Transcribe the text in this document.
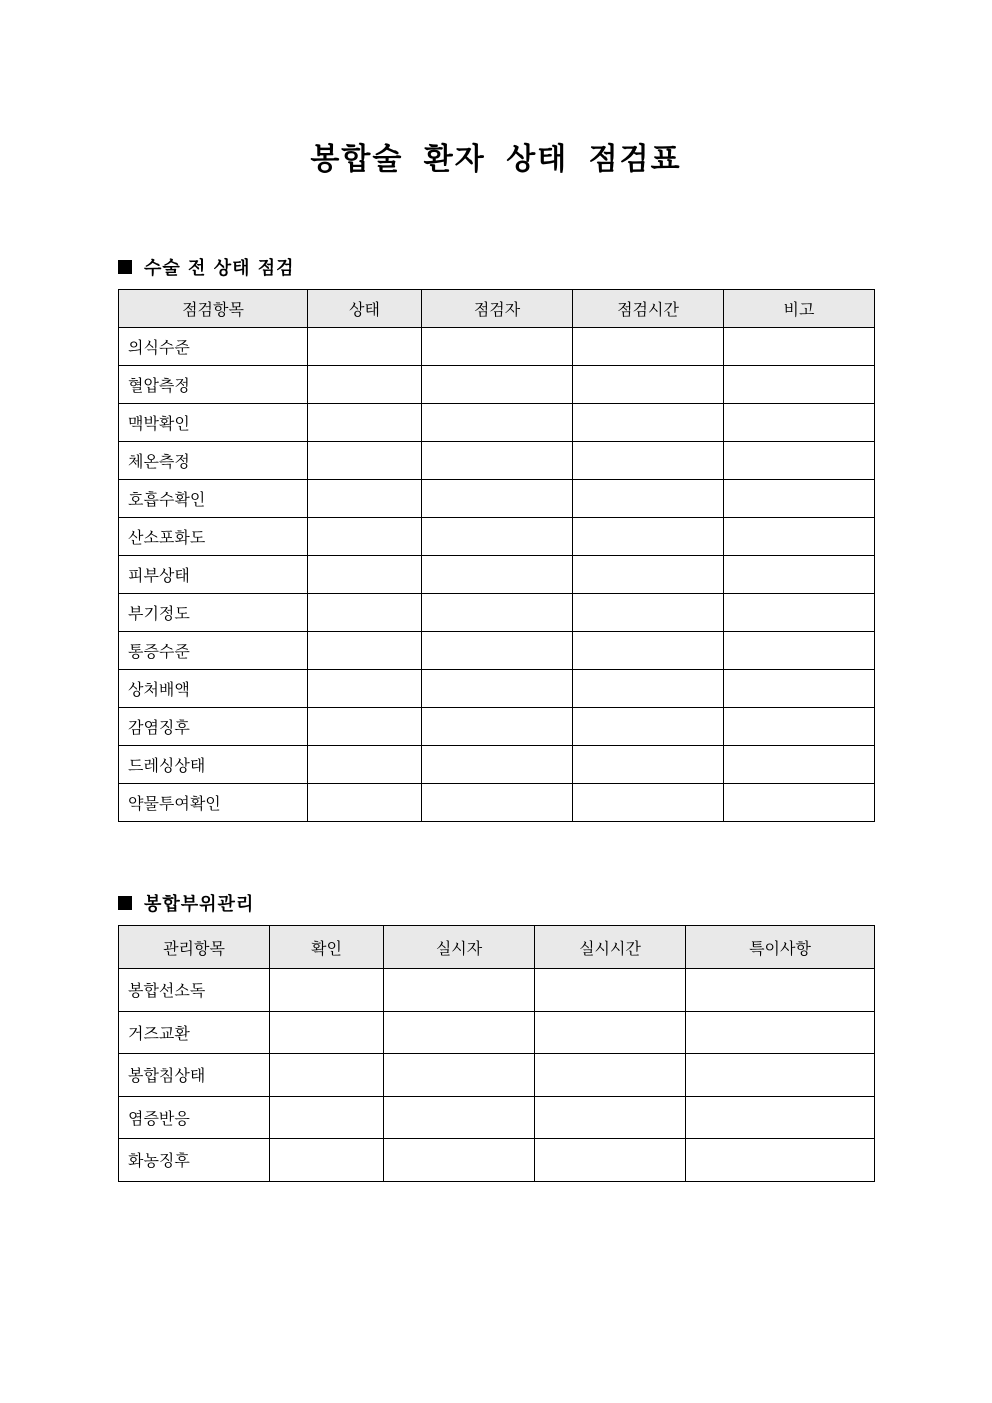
봉합술 환자 상태 점검표
수술 전 상태 점검
점검항목	상태	점검자	점검시간	비고
의식수준				
혈압측정				
맥박확인				
체온측정				
호흡수확인				
산소포화도				
피부상태				
부기정도				
통증수준				
상처배액				
감염징후				
드레싱상태				
약물투여확인				
봉합부위관리
관리항목	확인	실시자	실시시간	특이사항
봉합선소독				
거즈교환				
봉합침상태				
염증반응				
화농징후				
